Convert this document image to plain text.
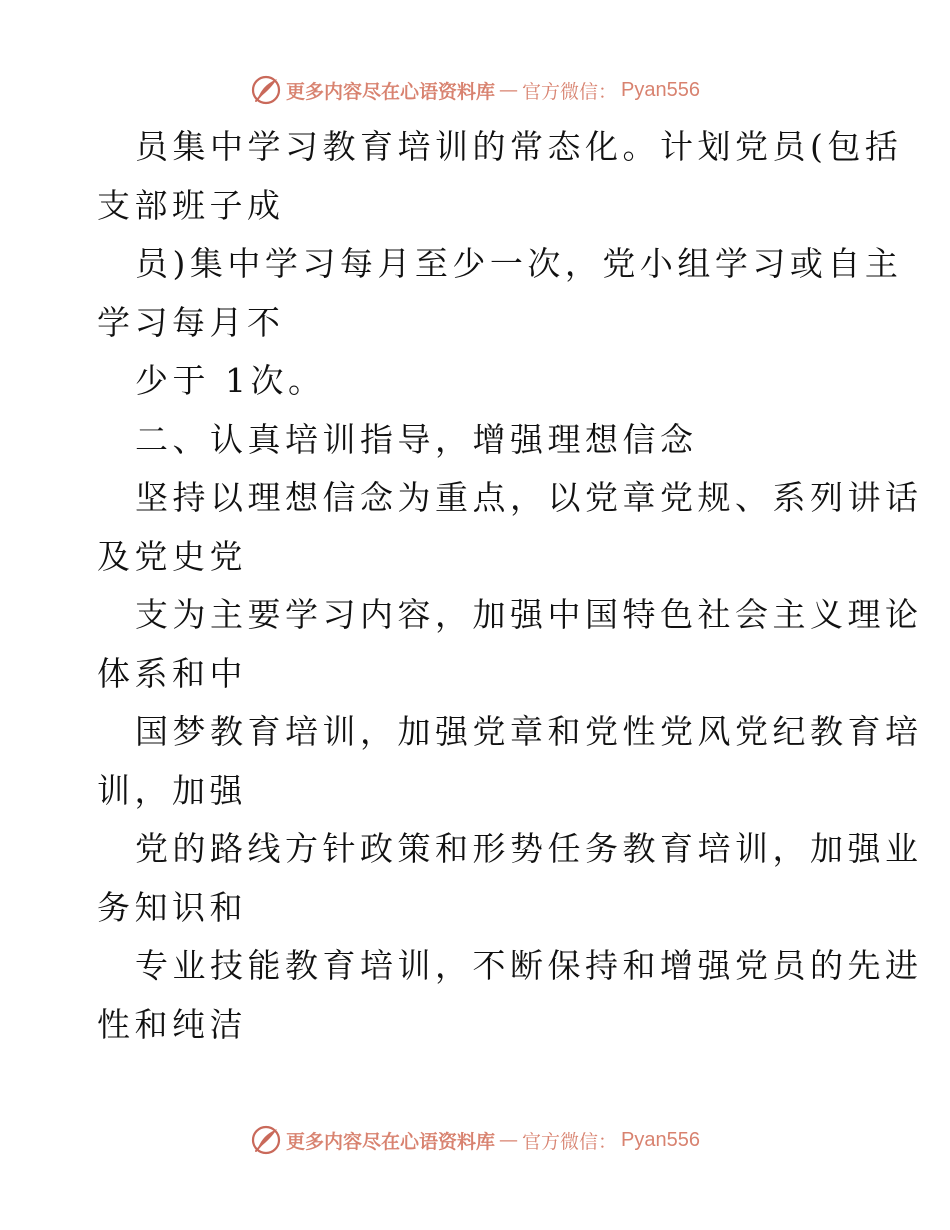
更多内容尽在心语资料库 — 官方微信： Pyan556
员集中学习教育培训的常态化。计划党员(包括
支部班子成
员)集中学习每月至少一次，党小组学习或自主
学习每月不
少于 1次。
二、认真培训指导，增强理想信念
坚持以理想信念为重点，以党章党规、系列讲话
及党史党
支为主要学习内容，加强中国特色社会主义理论
体系和中
国梦教育培训，加强党章和党性党风党纪教育培
训，加强
党的路线方针政策和形势任务教育培训，加强业
务知识和
专业技能教育培训，不断保持和增强党员的先进
性和纯洁
更多内容尽在心语资料库 — 官方微信： Pyan556
